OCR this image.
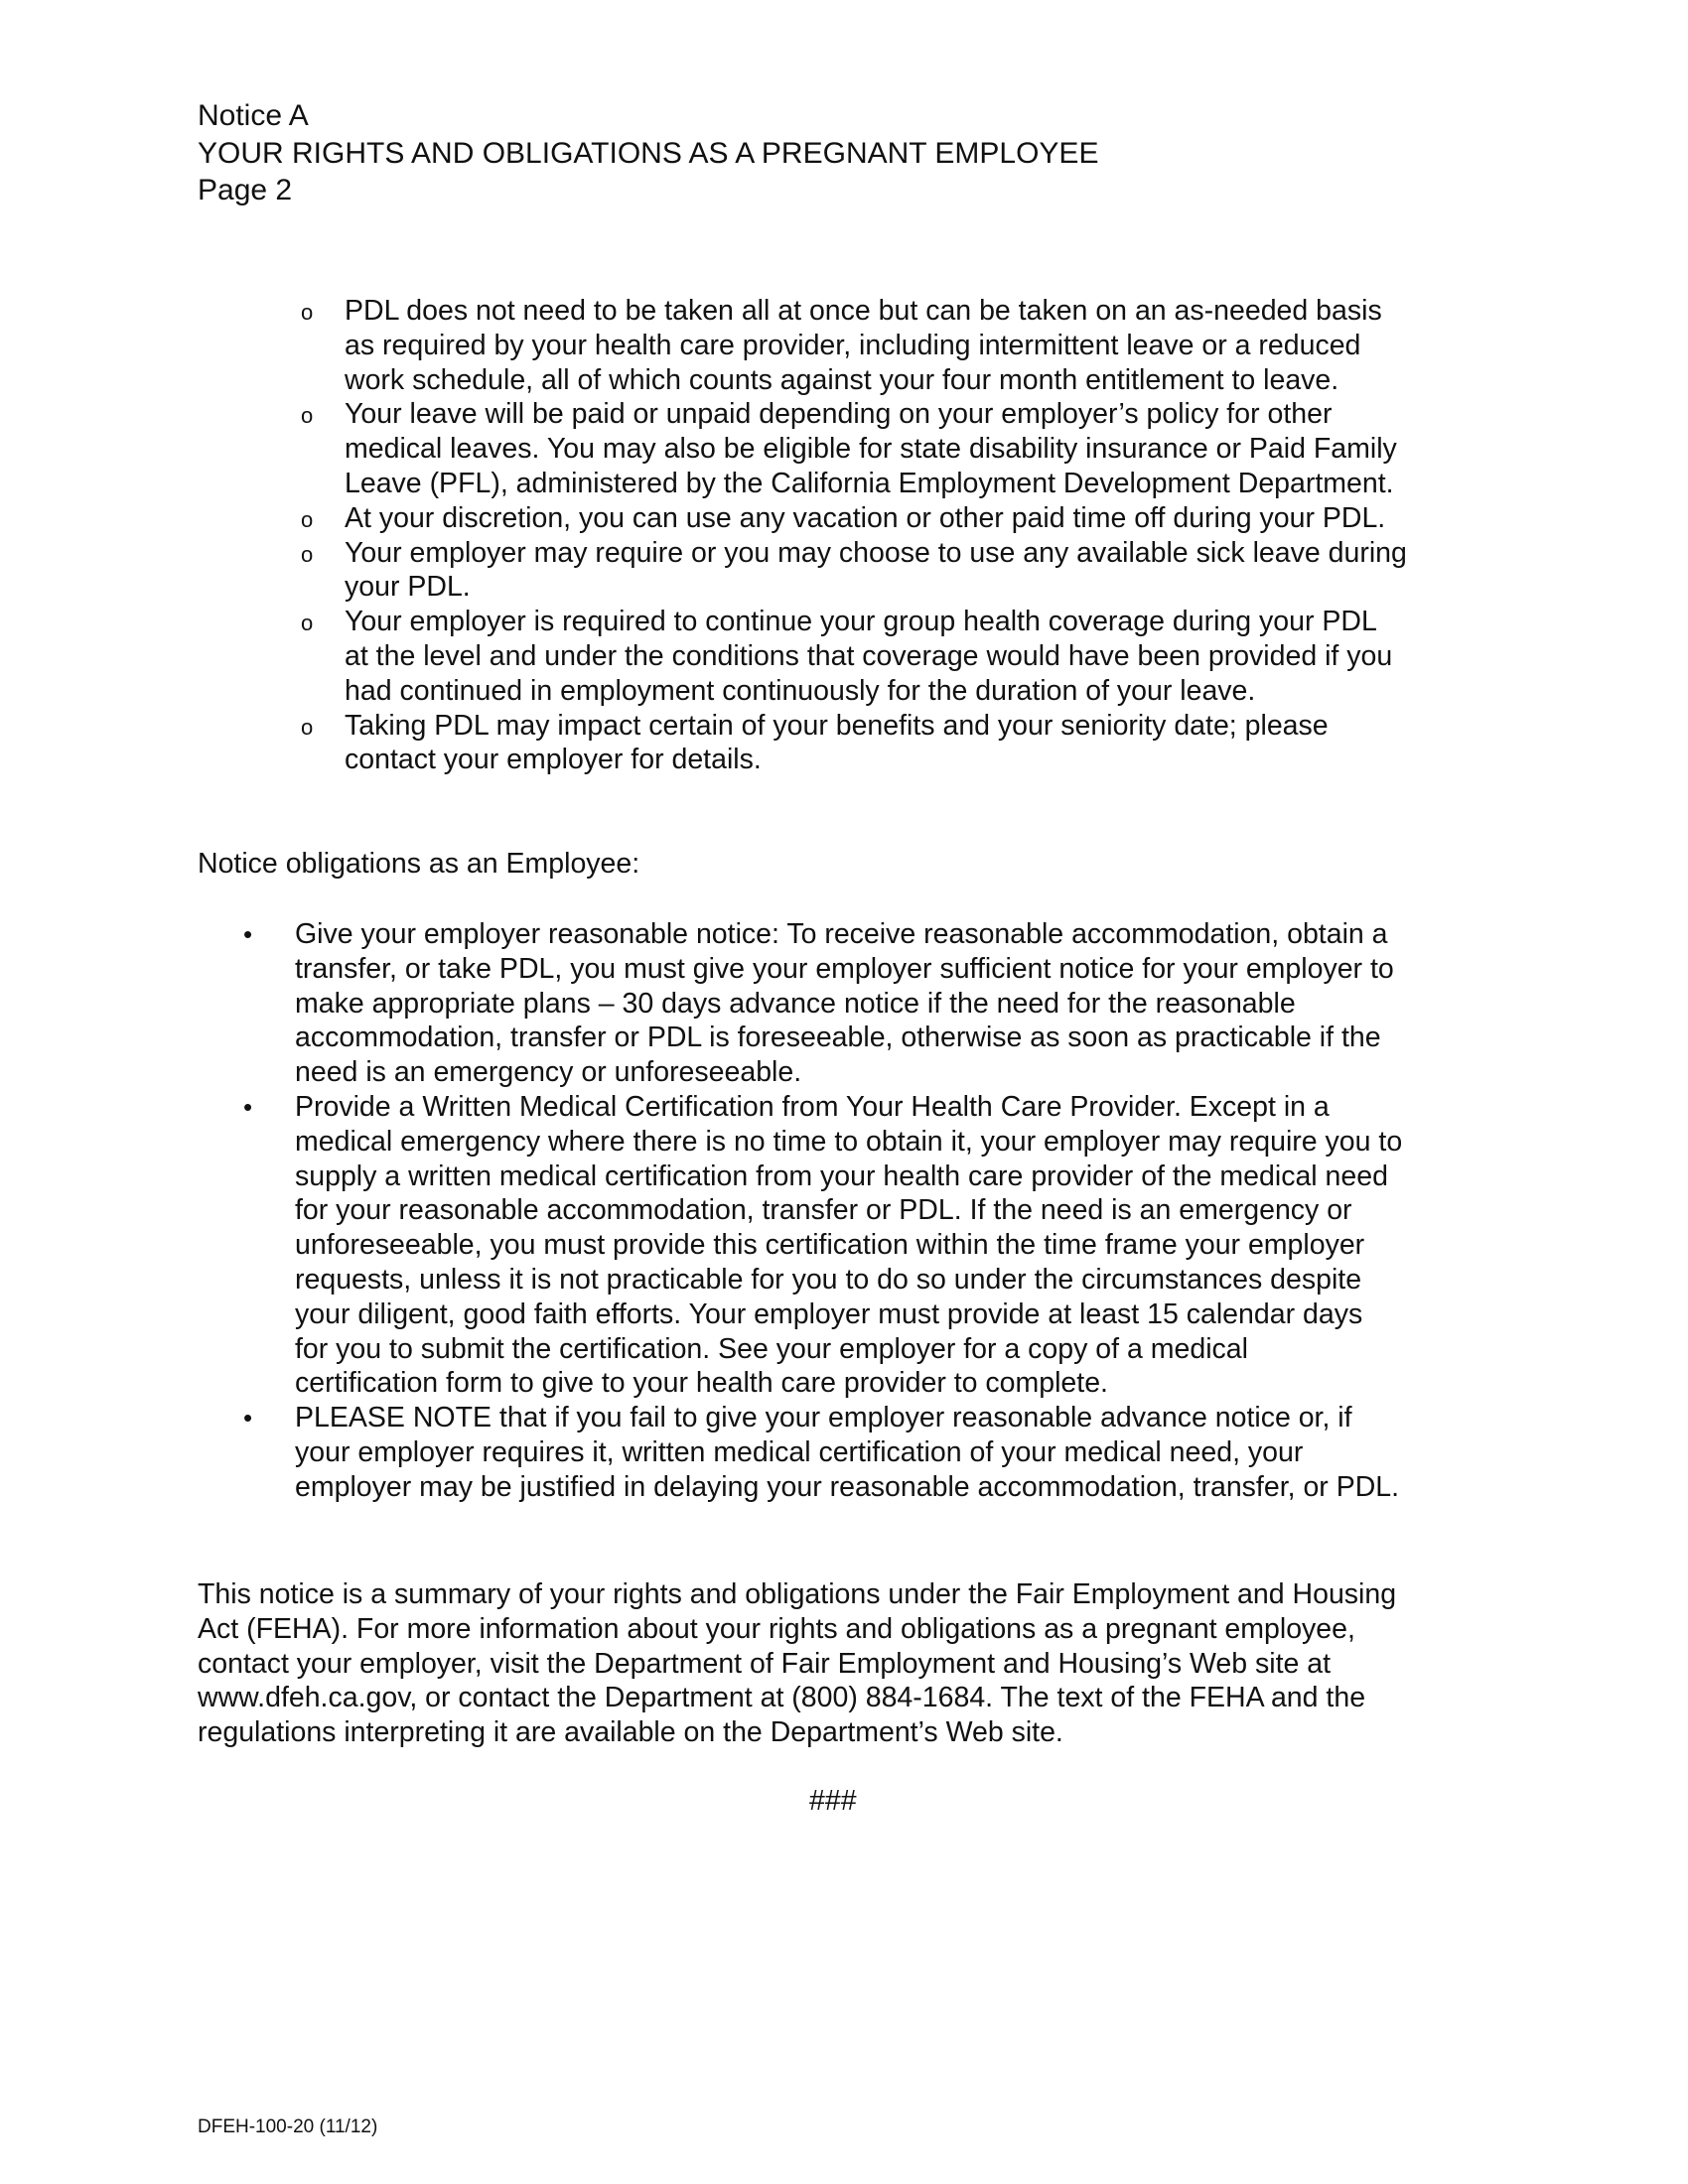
Notice A
YOUR RIGHTS AND OBLIGATIONS AS A PREGNANT EMPLOYEE
Page 2
o PDL does not need to be taken all at once but can be taken on an as-needed basis
as required by your health care provider, including intermittent leave or a reduced
work schedule, all of which counts against your four month entitlement to leave.
o Your leave will be paid or unpaid depending on your employer’s policy for other
medical leaves. You may also be eligible for state disability insurance or Paid Family
Leave (PFL), administered by the California Employment Development Department.
o At your discretion, you can use any vacation or other paid time off during your PDL.
o Your employer may require or you may choose to use any available sick leave during
your PDL.
o Your employer is required to continue your group health coverage during your PDL
at the level and under the conditions that coverage would have been provided if you
had continued in employment continuously for the duration of your leave.
o Taking PDL may impact certain of your benefits and your seniority date; please
contact your employer for details.
Notice obligations as an Employee:
• Give your employer reasonable notice: To receive reasonable accommodation, obtain a
transfer, or take PDL, you must give your employer sufficient notice for your employer to
make appropriate plans – 30 days advance notice if the need for the reasonable
accommodation, transfer or PDL is foreseeable, otherwise as soon as practicable if the
need is an emergency or unforeseeable.
• Provide a Written Medical Certification from Your Health Care Provider. Except in a
medical emergency where there is no time to obtain it, your employer may require you to
supply a written medical certification from your health care provider of the medical need
for your reasonable accommodation, transfer or PDL. If the need is an emergency or
unforeseeable, you must provide this certification within the time frame your employer
requests, unless it is not practicable for you to do so under the circumstances despite
your diligent, good faith efforts. Your employer must provide at least 15 calendar days
for you to submit the certification. See your employer for a copy of a medical
certification form to give to your health care provider to complete.
• PLEASE NOTE that if you fail to give your employer reasonable advance notice or, if
your employer requires it, written medical certification of your medical need, your
employer may be justified in delaying your reasonable accommodation, transfer, or PDL.
This notice is a summary of your rights and obligations under the Fair Employment and Housing
Act (FEHA). For more information about your rights and obligations as a pregnant employee,
contact your employer, visit the Department of Fair Employment and Housing’s Web site at
www.dfeh.ca.gov, or contact the Department at (800) 884-1684. The text of the FEHA and the
regulations interpreting it are available on the Department’s Web site.
###
DFEH-100-20 (11/12)
